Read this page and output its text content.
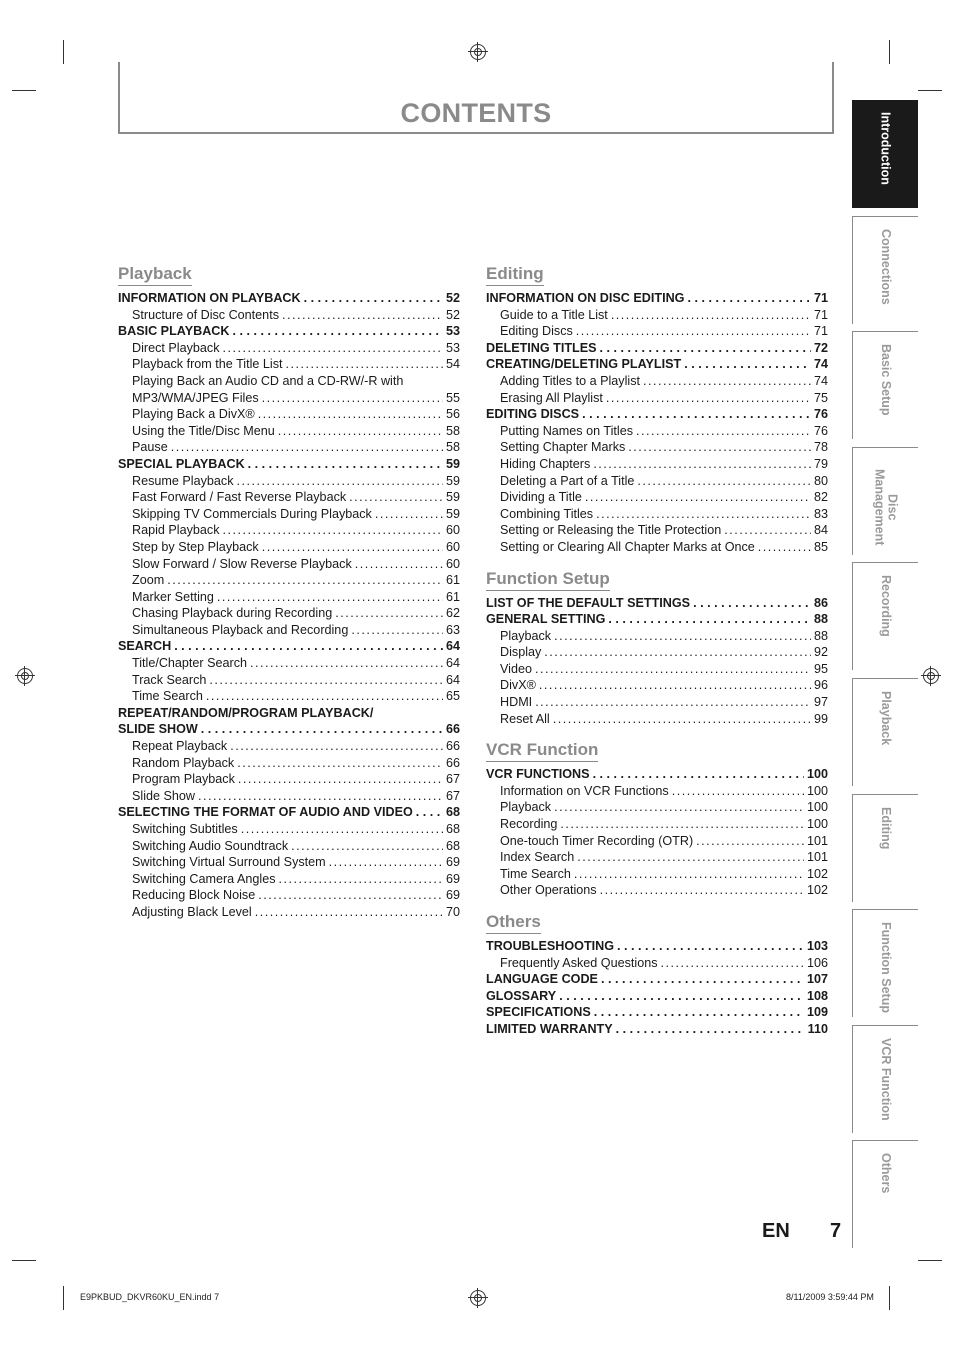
CONTENTS
Playback
INFORMATION ON PLAYBACK . . .	52
Structure of Disc Contents . . .	52
BASIC PLAYBACK . . .	53
Direct Playback . . .	53
Playback from the Title List . . .	54
Playing Back an Audio CD and a CD-RW/-R with
MP3/WMA/JPEG Files . . .	55
Playing Back a DivX® . . .	56
Using the Title/Disc Menu . . .	58
Pause . . .	58
SPECIAL PLAYBACK . . .	59
Resume Playback . . .	59
Fast Forward / Fast Reverse Playback . . .	59
Skipping TV Commercials During Playback . . .	59
Rapid Playback . . .	60
Step by Step Playback . . .	60
Slow Forward / Slow Reverse Playback . . .	60
Zoom . . .	61
Marker Setting . . .	61
Chasing Playback during Recording . . .	62
Simultaneous Playback and Recording . . .	63
SEARCH . . .	64
Title/Chapter Search . . .	64
Track Search . . .	64
Time Search . . .	65
REPEAT/RANDOM/PROGRAM PLAYBACK/
SLIDE SHOW . . .	66
Repeat Playback . . .	66
Random Playback . . .	66
Program Playback . . .	67
Slide Show . . .	67
SELECTING THE FORMAT OF AUDIO AND VIDEO . . .	68
Switching Subtitles . . .	68
Switching Audio Soundtrack . . .	68
Switching Virtual Surround System . . .	69
Switching Camera Angles . . .	69
Reducing Block Noise . . .	69
Adjusting Black Level . . .	70
Editing
INFORMATION ON DISC EDITING . . .	71
Guide to a Title List . . .	71
Editing Discs . . .	71
DELETING TITLES . . .	72
CREATING/DELETING PLAYLIST . . .	74
Adding Titles to a Playlist . . .	74
Erasing All Playlist . . .	75
EDITING DISCS . . .	76
Putting Names on Titles . . .	76
Setting Chapter Marks . . .	78
Hiding Chapters . . .	79
Deleting a Part of a Title . . .	80
Dividing a Title . . .	82
Combining Titles . . .	83
Setting or Releasing the Title Protection . . .	84
Setting or Clearing All Chapter Marks at Once . . .	85
Function Setup
LIST OF THE DEFAULT SETTINGS . . .	86
GENERAL SETTING . . .	88
Playback . . .	88
Display . . .	92
Video . . .	95
DivX® . . .	96
HDMI . . .	97
Reset All . . .	99
VCR Function
VCR FUNCTIONS . . .	100
Information on VCR Functions . . .	100
Playback . . .	100
Recording . . .	100
One-touch Timer Recording (OTR) . . .	101
Index Search . . .	101
Time Search . . .	102
Other Operations . . .	102
Others
TROUBLESHOOTING . . .	103
Frequently Asked Questions . . .	106
LANGUAGE CODE . . .	107
GLOSSARY . . .	108
SPECIFICATIONS . . .	109
LIMITED WARRANTY . . .	110
Introduction
Connections
Basic Setup
Disc Management
Recording
Playback
Editing
Function Setup
VCR Function
Others
EN 7
E9PKBUD_DKVR60KU_EN.indd 7	8/11/2009 3:59:44 PM
